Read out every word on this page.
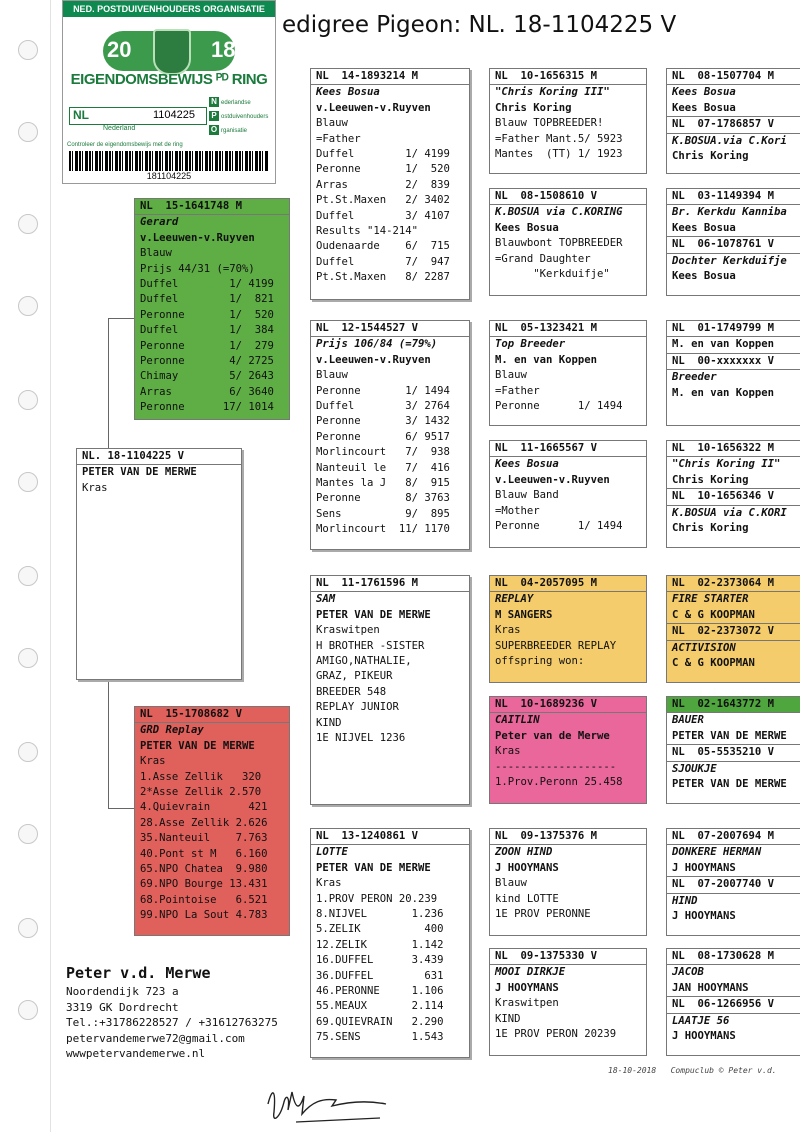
edigree Pigeon: NL. 18-1104225 V
NED. POSTDUIVENHOUDERS ORGANISATIE
20	18
EIGENDOMSBEWIJS ᴾᴰ RING
NL	1104225
N ederlandse
P ostduivenhouders
O rganisatie
Nederland
Controleer de eigendomsbewijs met de ring
181104225
NL. 18-1104225 V
PETER VAN DE MERWE
Kras
NL  15-1641748 M
Gerard
v.Leeuwen-v.Ruyven
Blauw
Prijs 44/31 (=70%)
Duffel        1/ 4199
Duffel        1/  821
Peronne       1/  520
Duffel        1/  384
Peronne       1/  279
Peronne       4/ 2725
Chimay        5/ 2643
Arras         6/ 3640
Peronne      17/ 1014
NL  15-1708682 V
GRD Replay
PETER VAN DE MERWE
Kras
1.Asse Zellik   320
2*Asse Zellik 2.570
4.Quievrain      421
28.Asse Zellik 2.626
35.Nanteuil    7.763
40.Pont st M   6.160
65.NPO Chatea  9.980
69.NPO Bourge 13.431
68.Pointoise   6.521
99.NPO La Sout 4.783
NL  14-1893214 M
Kees Bosua
v.Leeuwen-v.Ruyven
Blauw
=Father
Duffel        1/ 4199
Peronne       1/  520
Arras         2/  839
Pt.St.Maxen   2/ 3402
Duffel        3/ 4107
Results "14-214"
Oudenaarde    6/  715
Duffel        7/  947
Pt.St.Maxen   8/ 2287
NL  12-1544527 V
Prijs 106/84 (=79%)
v.Leeuwen-v.Ruyven
Blauw
Peronne       1/ 1494
Duffel        3/ 2764
Peronne       3/ 1432
Peronne       6/ 9517
Morlincourt   7/  938
Nanteuil le   7/  416
Mantes la J   8/  915
Peronne       8/ 3763
Sens          9/  895
Morlincourt  11/ 1170
NL  11-1761596 M
SAM
PETER VAN DE MERWE
Kraswitpen
H BROTHER -SISTER
AMIGO,NATHALIE,
GRAZ, PIKEUR
BREEDER 548
REPLAY JUNIOR
KIND
1E NIJVEL 1236
NL  13-1240861 V
LOTTE
PETER VAN DE MERWE
Kras
1.PROV PERON 20.239
8.NIJVEL       1.236
5.ZELIK          400
12.ZELIK       1.142
16.DUFFEL      3.439
36.DUFFEL        631
46.PERONNE     1.106
55.MEAUX       2.114
69.QUIEVRAIN   2.290
75.SENS        1.543
NL  10-1656315 M
"Chris Koring III"
Chris Koring
Blauw TOPBREEDER!
=Father Mant.5/ 5923
Mantes  (TT) 1/ 1923
NL  08-1508610 V
K.BOSUA via C.KORING
Kees Bosua
Blauwbont TOPBREEDER
=Grand Daughter
"Kerkduifje"
NL  05-1323421 M
Top Breeder
M. en van Koppen
Blauw
=Father
Peronne      1/ 1494
NL  11-1665567 V
Kees Bosua
v.Leeuwen-v.Ruyven
Blauw Band
=Mother
Peronne      1/ 1494
NL  04-2057095 M
REPLAY
M SANGERS
Kras
SUPERBREEDER REPLAY
offspring won:
NL  10-1689236 V
CAITLIN
Peter van de Merwe
Kras
-------------------
1.Prov.Peronn 25.458
NL  09-1375376 M
ZOON HIND
J HOOYMANS
Blauw
kind LOTTE
1E PROV PERONNE
NL  09-1375330 V
MOOI DIRKJE
J HOOYMANS
Kraswitpen
KIND
1E PROV PERON 20239
NL  08-1507704 M
Kees Bosua
Kees Bosua
NL  07-1786857 V
K.BOSUA.via C.Kori
Chris Koring
NL  03-1149394 M
Br. Kerkdu Kanniba
Kees Bosua
NL  06-1078761 V
Dochter Kerkduifje
Kees Bosua
NL  01-1749799 M
M. en van Koppen
NL  00-xxxxxxx V
Breeder
M. en van Koppen
NL  10-1656322 M
"Chris Koring II"
Chris Koring
NL  10-1656346 V
K.BOSUA via C.KORI
Chris Koring
NL  02-2373064 M
FIRE STARTER
C & G KOOPMAN
NL  02-2373072 V
ACTIVISION
C & G KOOPMAN
NL  02-1643772 M
BAUER
PETER VAN DE MERWE
NL  05-5535210 V
SJOUKJE
PETER VAN DE MERWE
NL  07-2007694 M
DONKERE HERMAN
J HOOYMANS
NL  07-2007740 V
HIND
J HOOYMANS
NL  08-1730628 M
JACOB
JAN HOOYMANS
NL  06-1266956 V
LAATJE 56
J HOOYMANS
Peter v.d. Merwe
Noordendijk 723 a
3319 GK Dordrecht
Tel.:+31786228527 / +31612763275
petervandemerwe72@gmail.com
wwwpetervandemerwe.nl
18-10-2018   Compuclub © Peter v.d.
